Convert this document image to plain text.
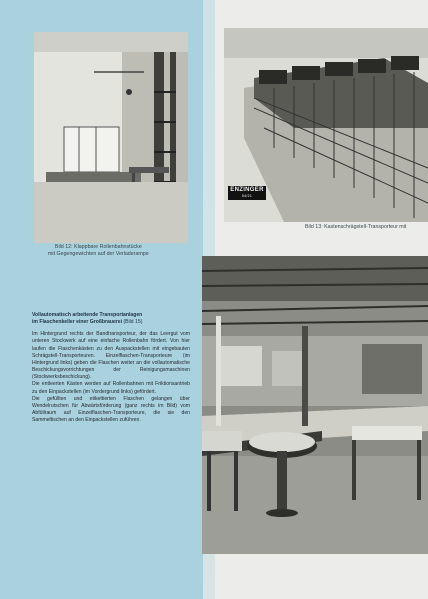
Bild 12: Klappbare Rollenbahnstücke
mit Gegengewichten auf der Verladerampe
ENZINGER
54/21
Bild 13: Kastenschrägstell-Transporteur mit
Vollautomatisch arbeitende Transportanlagen
im Flaschenkeller einer Großbrauerei (Bild 15)

Im Hintergrund rechts der Bandtransporteur, der das Leergut vom unteren Stockwerk auf eine einfache Rollenbahn fördert. Von hier laufen die Flaschenkästen zu den Auspackstellen mit eingebauten Schrägstell-Transporteuren. Einzelflaschen-Transporteure (im Hintergrund links) geben die Flaschen weiter an die vollautomatische Beschickungsvorrichtungen der Reinigungsmaschinen (Stockwerksbeschickung).

Die entleerten Kästen werden auf Rollenbahnen mit Friktionsantrieb zu den Einpackstellen (im Vordergrund links) gefördert.

Die gefüllten und etikettierten Flaschen gelangen über Wendelrutschen für Abwärtsförderung (ganz rechts im Bild) vom Abfüllraum auf Einzelflaschen-Transporteure, die sie den Sammeltischen an den Einpackstellen zuführen.
